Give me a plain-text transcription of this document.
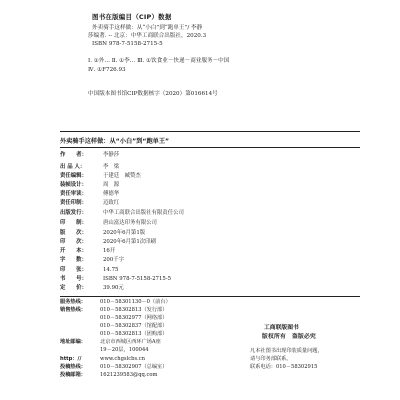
图书在版编目（CIP）数据
外卖骑手这样做：从“小白”到“跑单王”/ 李静
莎编著. -- 北京：中华工商联合出版社，2020.3
ISBN 978-7-5158-2715-5
Ⅰ. ①外… Ⅱ. ①李… Ⅲ. ①饮食业－快递－商业服务－中国
Ⅳ. ①F726.93
中国版本图书馆CIP数据核字（2020）第016614号
外卖骑手这样做：从“小白”到“跑单王”
作　　者：	李静莎
出 品 人：	李　梁
责任编辑：	于建廷　臧赞杰
装帧设计：	周　源
责任审读：	傅德华
责任印制：	迈致红
出版发行：	中华工商联合出版社有限责任公司
印　　制：	唐山富达印务有限公司
版　　次：	2020年6月第1版
印　　次：	2020年6月第1次印刷
开　　本：	16开
字　　数：	200千字
印　　张：	14.75
书　　号：	ISBN 978-7-5158-2715-5
定　　价：	39.90元
服务热线：	010－58301130－0（前台）
销售热线：	010－58302813（发行部）
010－58302977（网络部）
010－58302837（馆配部）
010－58302813（团购部）
地址邮编：	北京市西城区西环广场A座
19－20层，100044
http：//	www.chgslcbs.cn
投稿热线：	010－58302907（总编室）
投稿邮箱：	1621239583@qq.com
工商联版图书
版权所有　盗版必究
凡本社图书出现印装质量问题，
请与印务部联系。
联系电话：010－58302915
